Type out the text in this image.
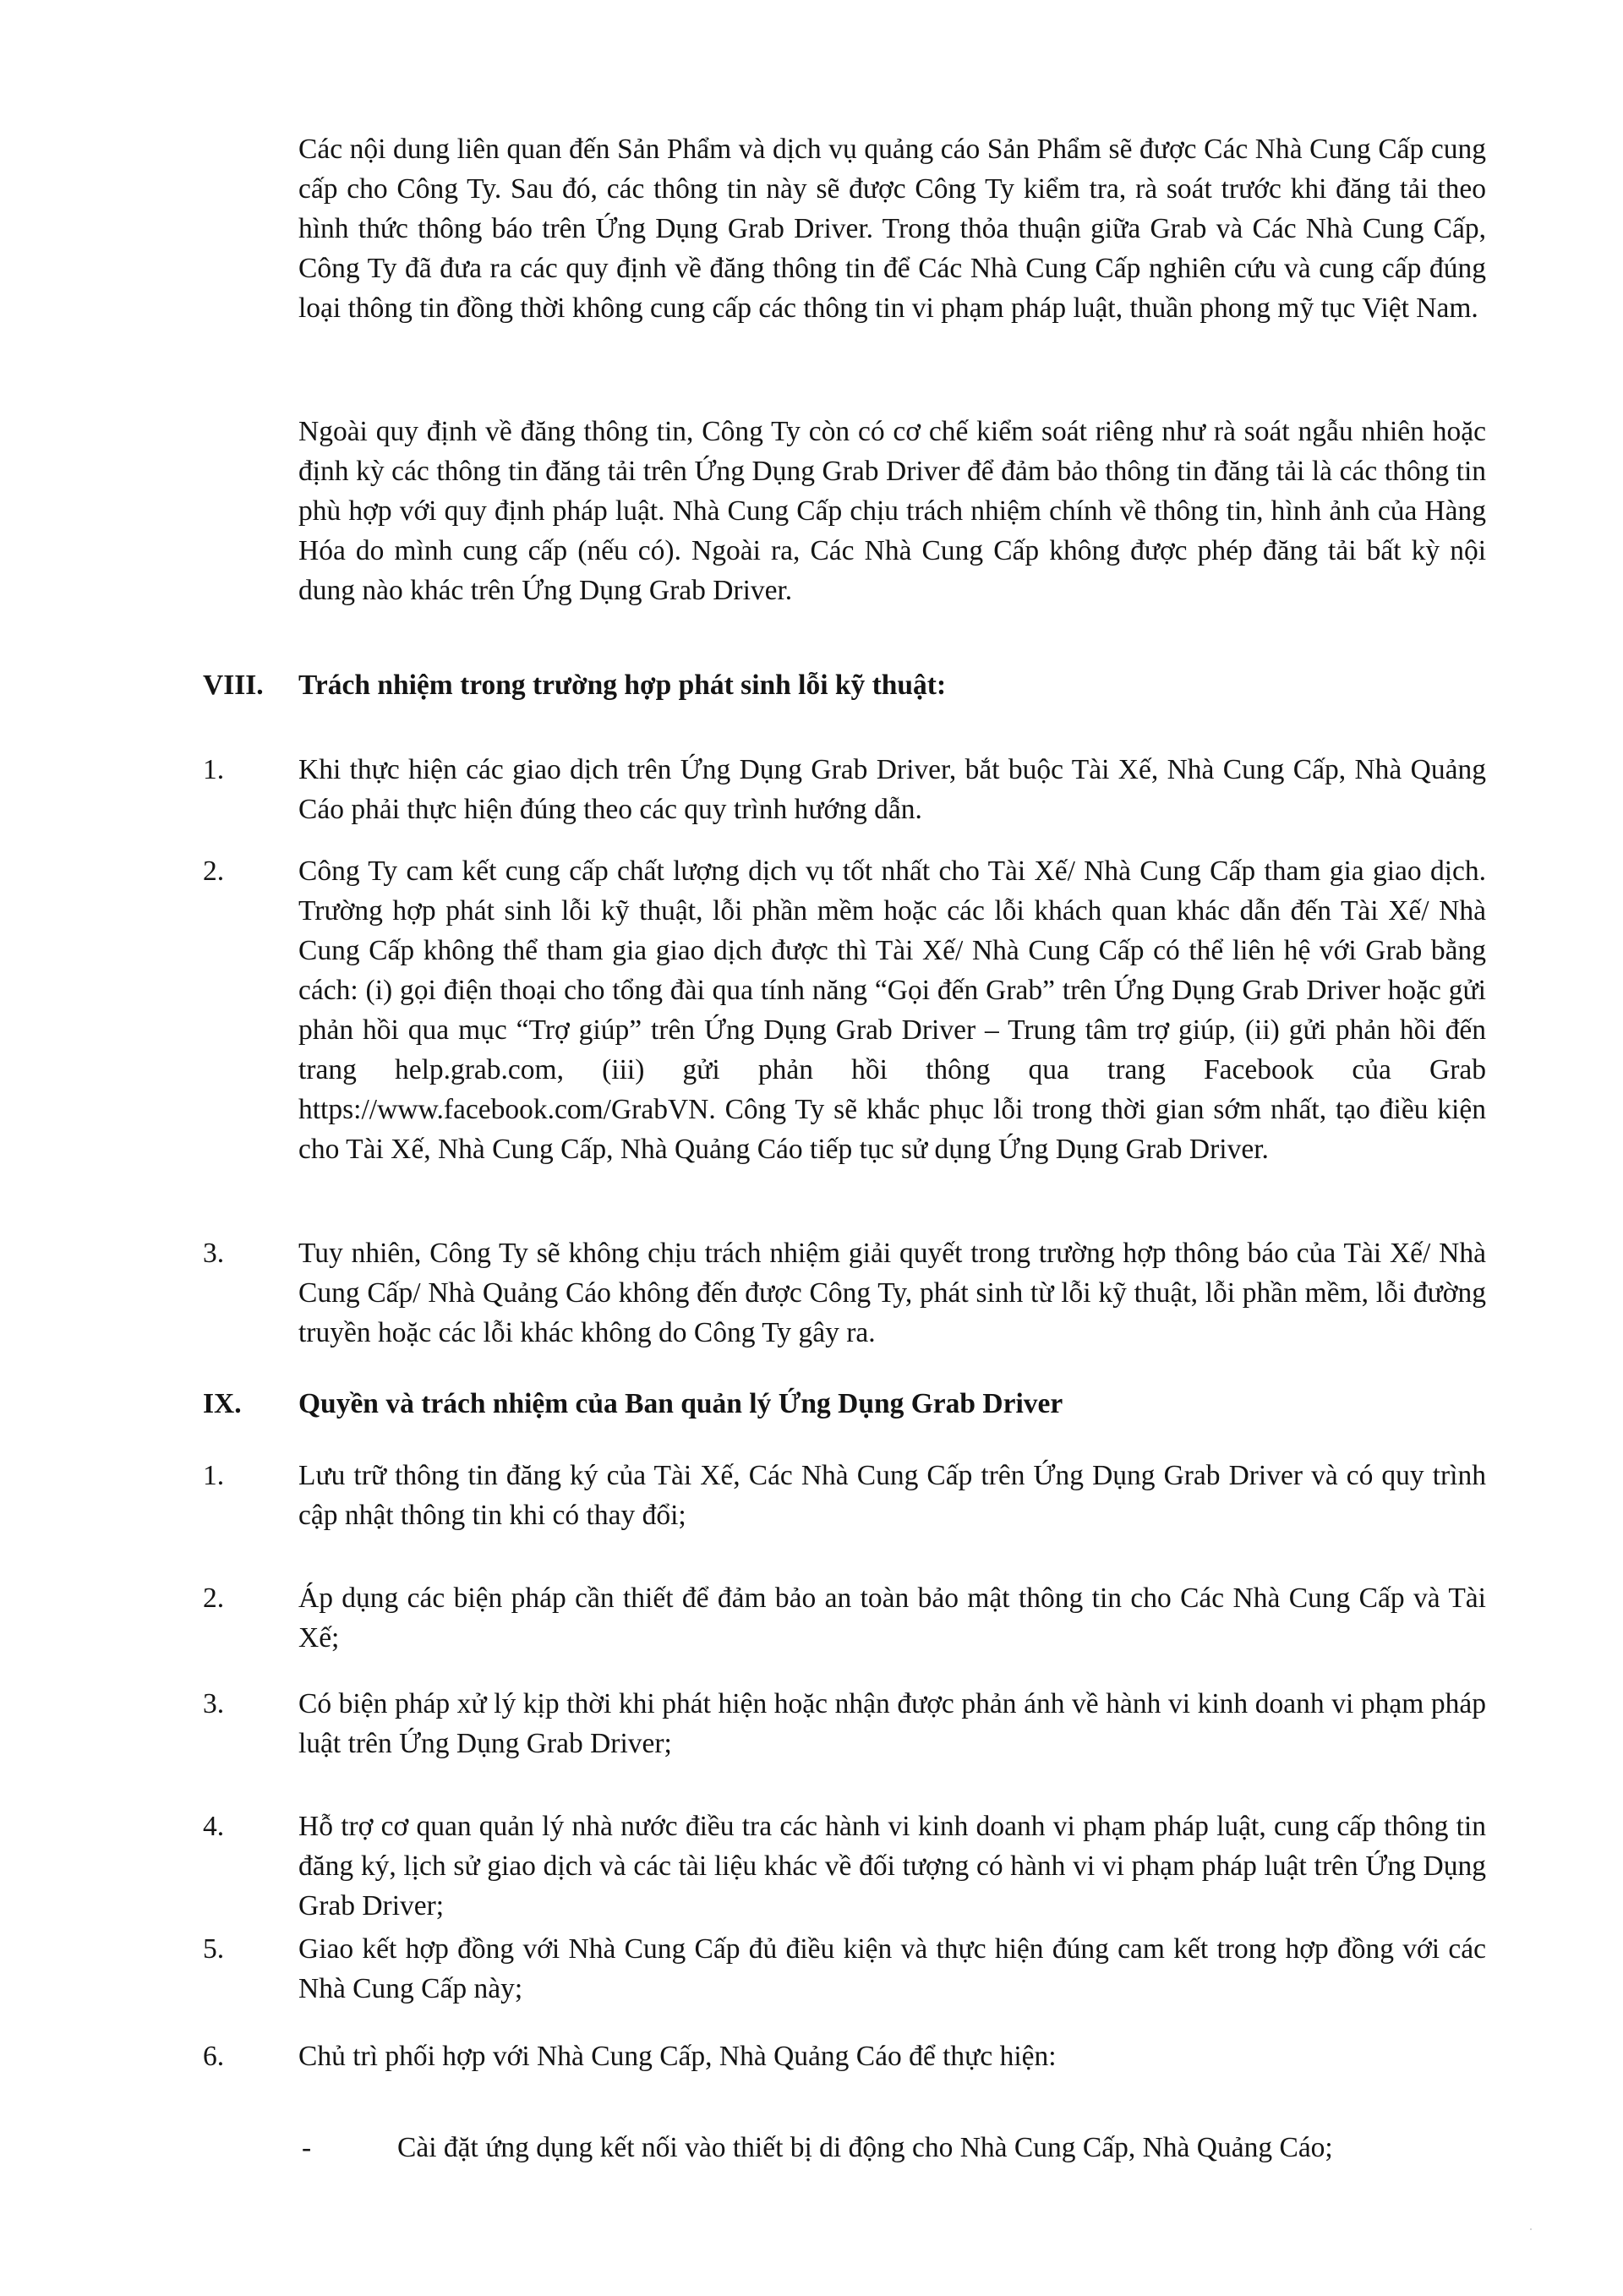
Các nội dung liên quan đến Sản Phẩm và dịch vụ quảng cáo Sản Phẩm sẽ được Các Nhà Cung Cấp cung cấp cho Công Ty. Sau đó, các thông tin này sẽ được Công Ty kiểm tra, rà soát trước khi đăng tải theo hình thức thông báo trên Ứng Dụng Grab Driver. Trong thỏa thuận giữa Grab và Các Nhà Cung Cấp, Công Ty đã đưa ra các quy định về đăng thông tin để Các Nhà Cung Cấp nghiên cứu và cung cấp đúng loại thông tin đồng thời không cung cấp các thông tin vi phạm pháp luật, thuần phong mỹ tục Việt Nam.

Ngoài quy định về đăng thông tin, Công Ty còn có cơ chế kiểm soát riêng như rà soát ngẫu nhiên hoặc định kỳ các thông tin đăng tải trên Ứng Dụng Grab Driver để đảm bảo thông tin đăng tải là các thông tin phù hợp với quy định pháp luật. Nhà Cung Cấp chịu trách nhiệm chính về thông tin, hình ảnh của Hàng Hóa do mình cung cấp (nếu có). Ngoài ra, Các Nhà Cung Cấp không được phép đăng tải bất kỳ nội dung nào khác trên Ứng Dụng Grab Driver.

VIII. Trách nhiệm trong trường hợp phát sinh lỗi kỹ thuật:
1.	Khi thực hiện các giao dịch trên Ứng Dụng Grab Driver, bắt buộc Tài Xế, Nhà Cung Cấp, Nhà Quảng Cáo phải thực hiện đúng theo các quy trình hướng dẫn.
2.	Công Ty cam kết cung cấp chất lượng dịch vụ tốt nhất cho Tài Xế/ Nhà Cung Cấp tham gia giao dịch. Trường hợp phát sinh lỗi kỹ thuật, lỗi phần mềm hoặc các lỗi khách quan khác dẫn đến Tài Xế/ Nhà Cung Cấp không thể tham gia giao dịch được thì Tài Xế/ Nhà Cung Cấp có thể liên hệ với Grab bằng cách: (i) gọi điện thoại cho tổng đài qua tính năng “Gọi đến Grab” trên Ứng Dụng Grab Driver hoặc gửi phản hồi qua mục “Trợ giúp” trên Ứng Dụng Grab Driver – Trung tâm trợ giúp, (ii) gửi phản hồi đến trang help.grab.com, (iii) gửi phản hồi thông qua trang Facebook của Grab https://www.facebook.com/GrabVN. Công Ty sẽ khắc phục lỗi trong thời gian sớm nhất, tạo điều kiện cho Tài Xế, Nhà Cung Cấp, Nhà Quảng Cáo tiếp tục sử dụng Ứng Dụng Grab Driver.
3.	Tuy nhiên, Công Ty sẽ không chịu trách nhiệm giải quyết trong trường hợp thông báo của Tài Xế/ Nhà Cung Cấp/ Nhà Quảng Cáo không đến được Công Ty, phát sinh từ lỗi kỹ thuật, lỗi phần mềm, lỗi đường truyền hoặc các lỗi khác không do Công Ty gây ra.
IX. Quyền và trách nhiệm của Ban quản lý Ứng Dụng Grab Driver
1.	Lưu trữ thông tin đăng ký của Tài Xế, Các Nhà Cung Cấp trên Ứng Dụng Grab Driver và có quy trình cập nhật thông tin khi có thay đổi;
2.	Áp dụng các biện pháp cần thiết để đảm bảo an toàn bảo mật thông tin cho Các Nhà Cung Cấp và Tài Xế;
3.	Có biện pháp xử lý kịp thời khi phát hiện hoặc nhận được phản ánh về hành vi kinh doanh vi phạm pháp luật trên Ứng Dụng Grab Driver;
4.	Hỗ trợ cơ quan quản lý nhà nước điều tra các hành vi kinh doanh vi phạm pháp luật, cung cấp thông tin đăng ký, lịch sử giao dịch và các tài liệu khác về đối tượng có hành vi vi phạm pháp luật trên Ứng Dụng Grab Driver;
5.	Giao kết hợp đồng với Nhà Cung Cấp đủ điều kiện và thực hiện đúng cam kết trong hợp đồng với các Nhà Cung Cấp này;
6.	Chủ trì phối hợp với Nhà Cung Cấp, Nhà Quảng Cáo để thực hiện:
-	Cài đặt ứng dụng kết nối vào thiết bị di động cho Nhà Cung Cấp, Nhà Quảng Cáo;
